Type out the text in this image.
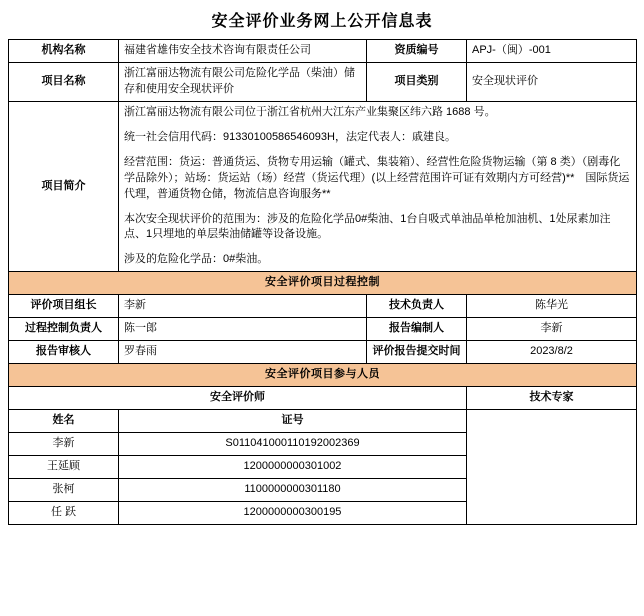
安全评价业务网上公开信息表
机构名称	福建省雄伟安全技术咨询有限责任公司	资质编号	APJ-（闽）-001
项目名称	浙江富丽达物流有限公司危险化学品（柴油）储存和使用安全现状评价	项目类别	安全现状评价
项目简介	浙江富丽达物流有限公司位于浙江省杭州大江东产业集聚区纬六路 1688 号。

统一社会信用代码：91330100586546093H，法定代表人：戚建良。

经营范围：货运：普通货运、货物专用运输（罐式、集装箱）、经营性危险货物运输（第 8 类）（剧毒化学品除外）；站场：货运站（场）经营（货运代理）(以上经营范围许可证有效期内方可经营)**　国际货运代理，普通货物仓储，物流信息咨询服务**

本次安全现状评价的范围为：涉及的危险化学品0#柴油、1台自吸式单油品单枪加油机、1处尿素加注点、1只埋地的单层柴油储罐等设备设施。

涉及的危险化学品：0#柴油。		

安全评价项目过程控制			
评价项目组长	李新	技术负责人	陈华光
过程控制负责人	陈一郎	报告编制人	李新
报告审核人	罗春雨	评价报告提交时间	2023/8/2
安全评价项目参与人员			
安全评价师			技术专家
姓名	证号		
李新	S011041000110192002369		
王延顾	1200000000301002		
张柯	1100000000301180		
任 跃	1200000000300195		
